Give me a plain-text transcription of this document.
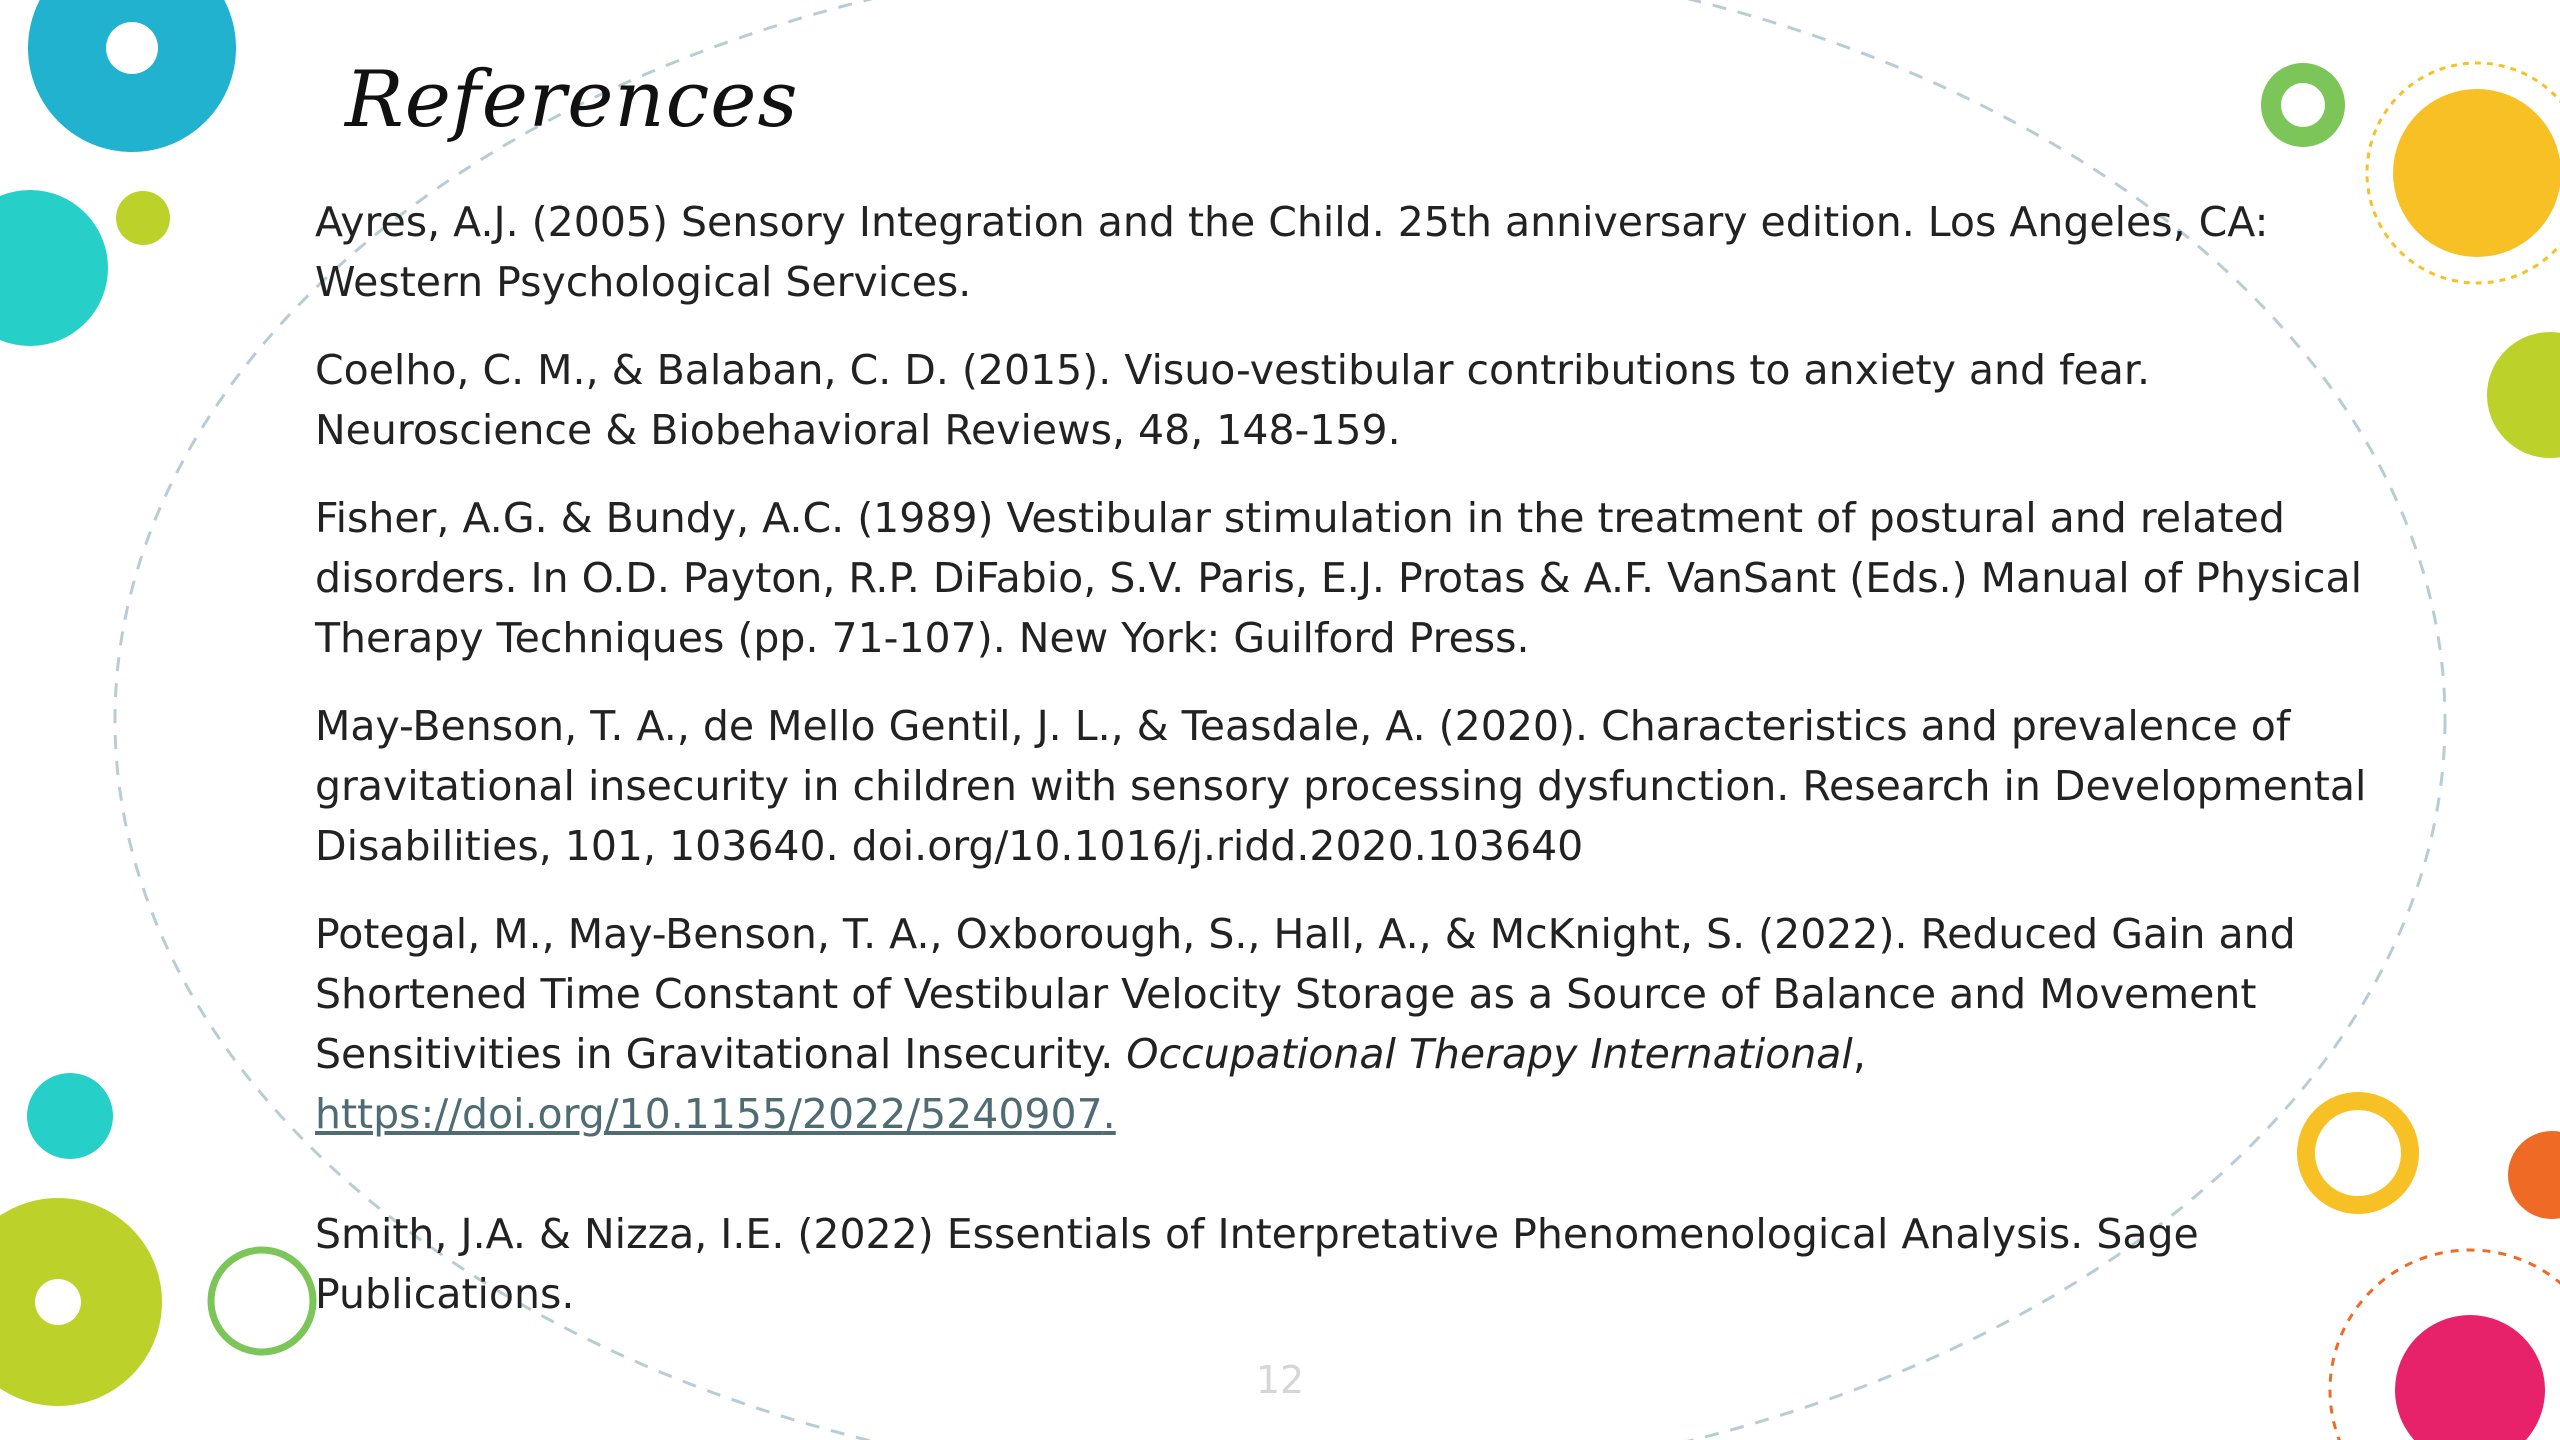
References

Ayres, A.J. (2005) Sensory Integration and the Child. 25th anniversary edition. Los Angeles, CA: Western Psychological Services.

Coelho, C. M., & Balaban, C. D. (2015). Visuo-vestibular contributions to anxiety and fear. Neuroscience & Biobehavioral Reviews, 48, 148-159.

Fisher, A.G. & Bundy, A.C. (1989) Vestibular stimulation in the treatment of postural and related disorders. In O.D. Payton, R.P. DiFabio, S.V. Paris, E.J. Protas & A.F. VanSant (Eds.) Manual of Physical Therapy Techniques (pp. 71-107). New York: Guilford Press.

May-Benson, T. A., de Mello Gentil, J. L., & Teasdale, A. (2020). Characteristics and prevalence of gravitational insecurity in children with sensory processing dysfunction. Research in Developmental Disabilities, 101, 103640. doi.org/10.1016/j.ridd.2020.103640

Potegal, M., May-Benson, T. A., Oxborough, S., Hall, A., & McKnight, S. (2022). Reduced Gain and Shortened Time Constant of Vestibular Velocity Storage as a Source of Balance and Movement Sensitivities in Gravitational Insecurity. Occupational Therapy International, https://doi.org/10.1155/2022/5240907.

Smith, J.A. & Nizza, I.E. (2022) Essentials of Interpretative Phenomenological Analysis. Sage Publications.

12
